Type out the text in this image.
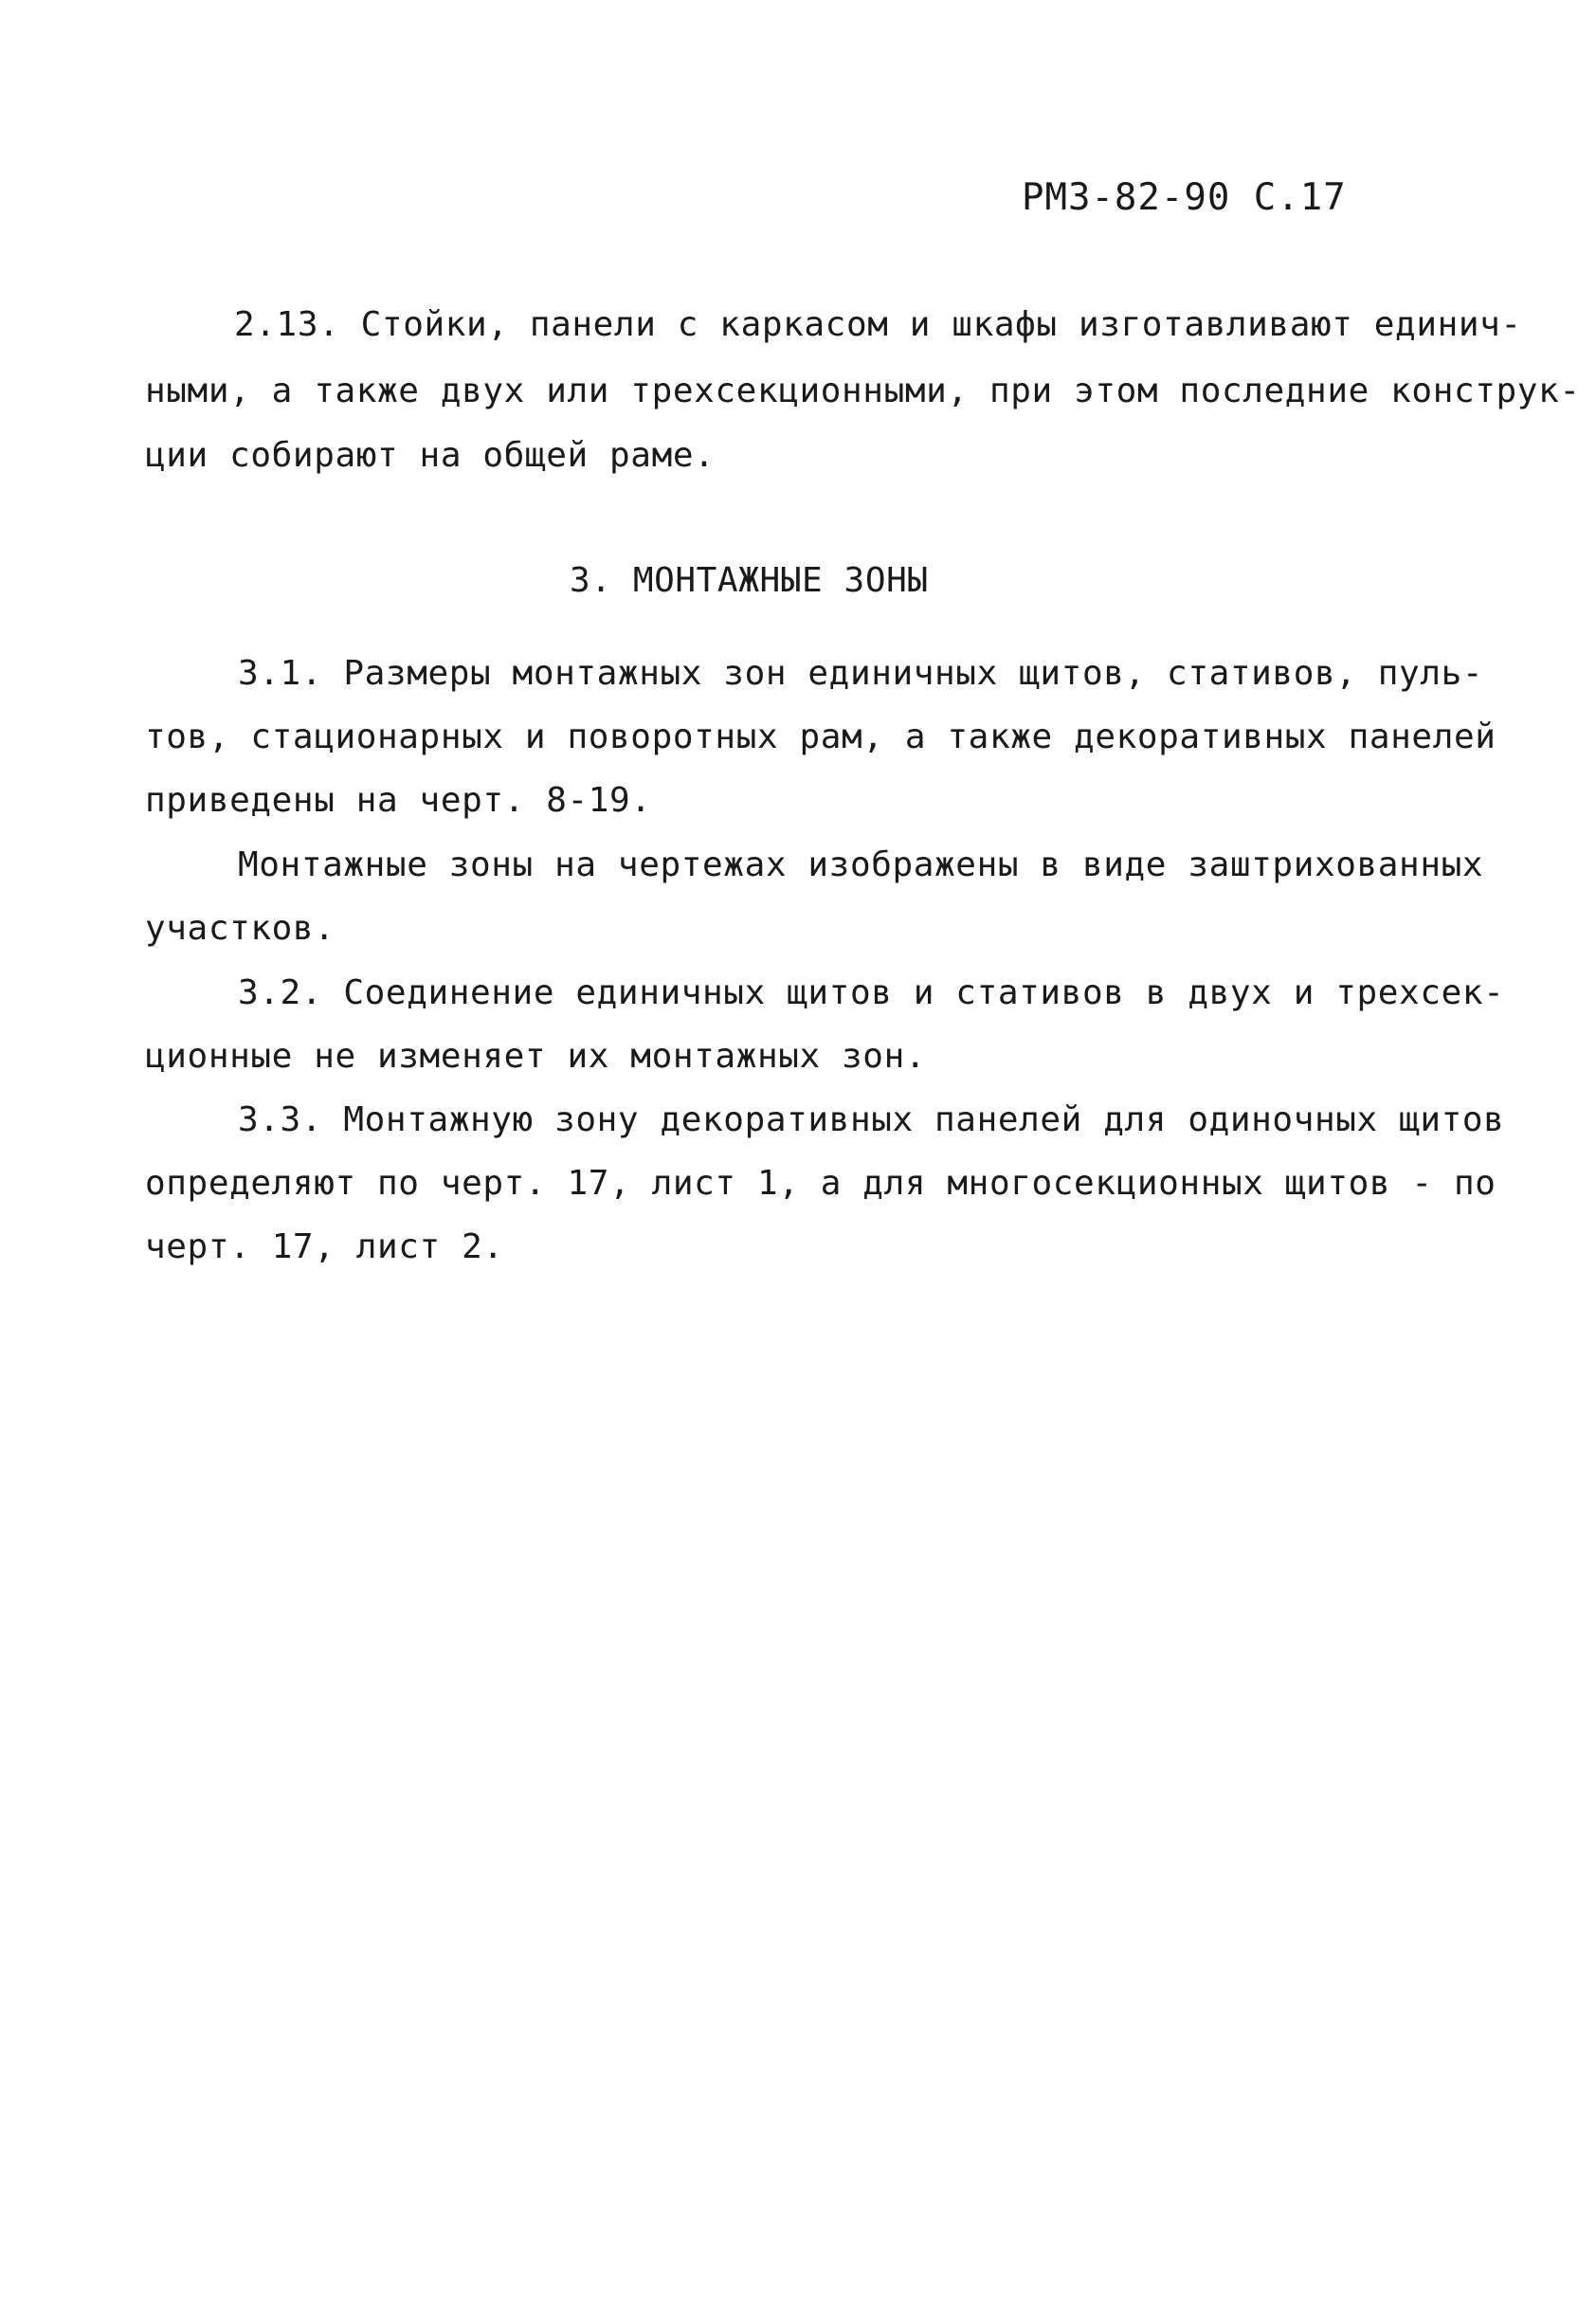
РМЗ-82-90 С.17
2.13. Стойки, панели с каркасом и шкафы изготавливают единич-
ными, а также двух или трехсекционными, при этом последние конструк-
ции собирают на общей раме.
3. МОНТАЖНЫЕ ЗОНЫ
3.1. Размеры монтажных зон единичных щитов, стативов, пуль-
тов, стационарных и поворотных рам, а также декоративных панелей
приведены на черт. 8-19.
Монтажные зоны на чертежах изображены в виде заштрихованных
участков.
3.2. Соединение единичных щитов и стативов в двух и трехсек-
ционные не изменяет их монтажных зон.
3.3. Монтажную зону декоративных панелей для одиночных щитов
определяют по черт. 17, лист 1, а для многосекционных щитов - по
черт. 17, лист 2.
